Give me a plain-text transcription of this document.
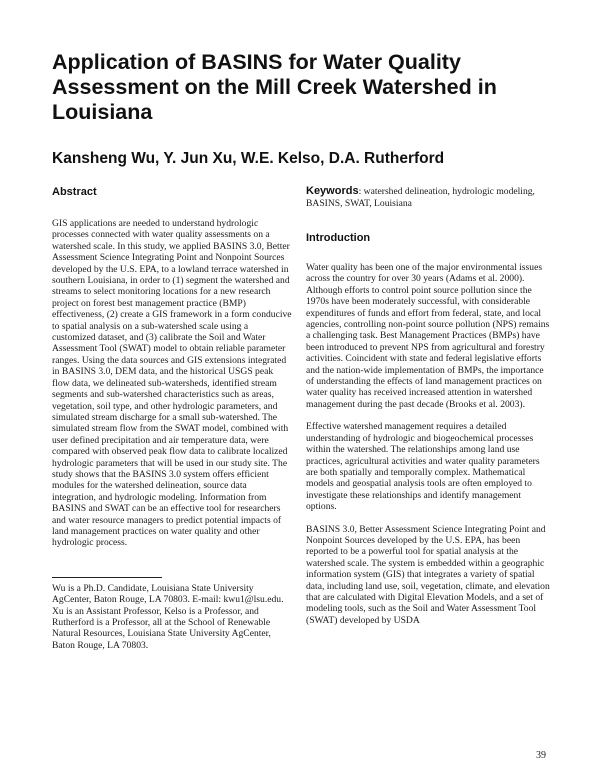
Application of BASINS for Water Quality Assessment on the Mill Creek Watershed in Louisiana
Kansheng Wu, Y. Jun Xu, W.E. Kelso, D.A. Rutherford
Abstract

GIS applications are needed to understand hydrologic processes connected with water quality assessments on a watershed scale. In this study, we applied BASINS 3.0, Better Assessment Science Integrating Point and Nonpoint Sources developed by the U.S. EPA, to a lowland terrace watershed in southern Louisiana, in order to (1) segment the watershed and streams to select monitoring locations for a new research project on forest best management practice (BMP) effectiveness, (2) create a GIS framework in a form conducive to spatial analysis on a sub-watershed scale using a customized dataset, and (3) calibrate the Soil and Water Assessment Tool (SWAT) model to obtain reliable parameter ranges. Using the data sources and GIS extensions integrated in BASINS 3.0, DEM data, and the historical USGS peak flow data, we delineated sub-watersheds, identified stream segments and sub-watershed characteristics such as areas, vegetation, soil type, and other hydrologic parameters, and simulated stream discharge for a small sub-watershed. The simulated stream flow from the SWAT model, combined with user defined precipitation and air temperature data, were compared with observed peak flow data to calibrate localized hydrologic parameters that will be used in our study site. The study shows that the BASINS 3.0 system offers efficient modules for the watershed delineation, source data integration, and hydrologic modeling. Information from BASINS and SWAT can be an effective tool for researchers and water resource managers to predict potential impacts of land management practices on water quality and other hydrologic process.

Wu is a Ph.D. Candidate, Louisiana State University AgCenter, Baton Rouge, LA 70803. E-mail: kwu1@lsu.edu. Xu is an Assistant Professor, Kelso is a Professor, and Rutherford is a Professor, all at the School of Renewable Natural Resources, Louisiana State University AgCenter, Baton Rouge, LA 70803.

Keywords: watershed delineation, hydrologic modeling, BASINS, SWAT, Louisiana

Introduction

Water quality has been one of the major environmental issues across the country for over 30 years (Adams et al. 2000). Although efforts to control point source pollution since the 1970s have been moderately successful, with considerable expenditures of funds and effort from federal, state, and local agencies, controlling non-point source pollution (NPS) remains a challenging task. Best Management Practices (BMPs) have been introduced to prevent NPS from agricultural and forestry activities. Coincident with state and federal legislative efforts and the nation-wide implementation of BMPs, the importance of understanding the effects of land management practices on water quality has received increased attention in watershed management during the past decade (Brooks et al. 2003).

Effective watershed management requires a detailed understanding of hydrologic and biogeochemical processes within the watershed. The relationships among land use practices, agricultural activities and water quality parameters are both spatially and temporally complex. Mathematical models and geospatial analysis tools are often employed to investigate these relationships and identify management options.

BASINS 3.0, Better Assessment Science Integrating Point and Nonpoint Sources developed by the U.S. EPA, has been reported to be a powerful tool for spatial analysis at the watershed scale. The system is embedded within a geographic information system (GIS) that integrates a variety of spatial data, including land use, soil, vegetation, climate, and elevation that are calculated with Digital Elevation Models, and a set of modeling tools, such as the Soil and Water Assessment Tool (SWAT) developed by USDA

39
